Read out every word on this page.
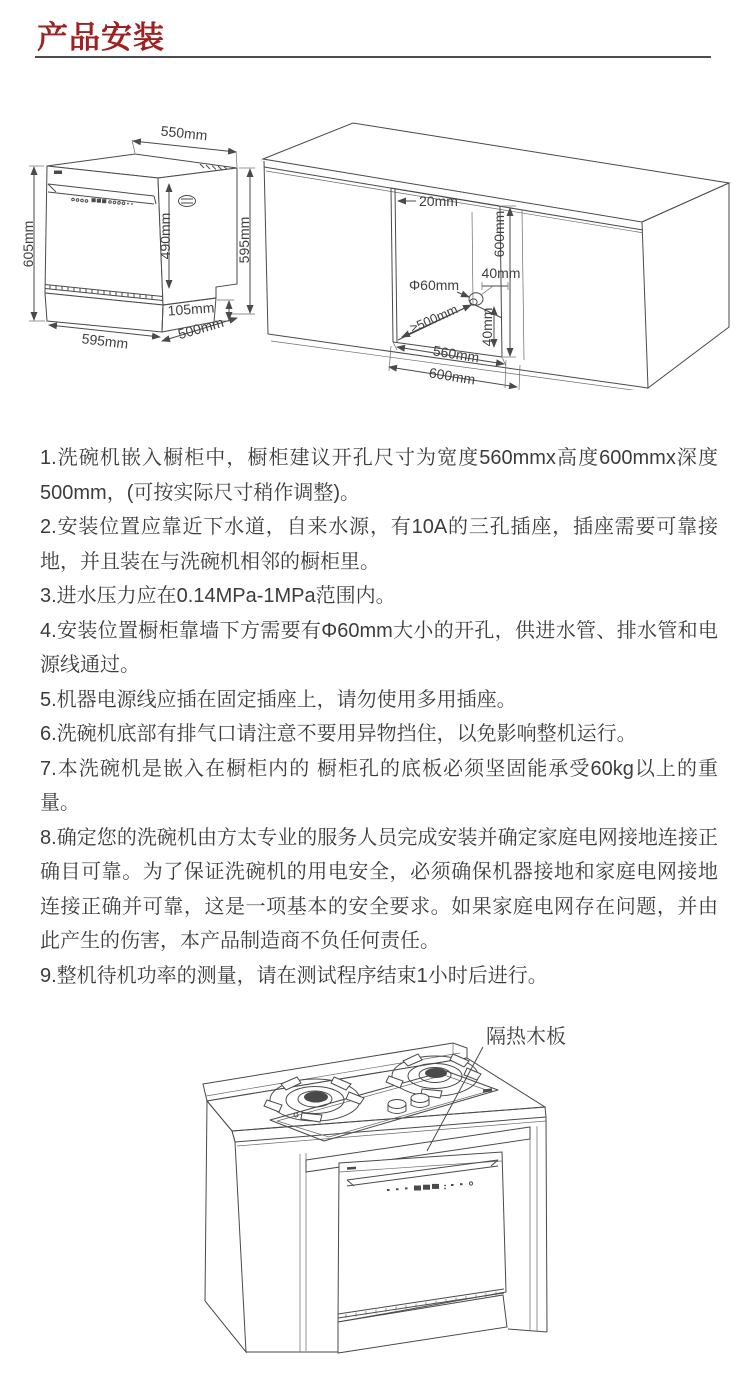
产品安装
605mm
550mm
595mm
490mm
105mm
595mm	500mm
20mm
600mm
40mm
Φ60mm
≥500mm 40mm
560mm
600mm

1.洗碗机嵌入橱柜中，橱柜建议开孔尺寸为宽度560mmx高度600mmx深度500mm，(可按实际尺寸稍作调整)。

2.安装位置应靠近下水道，自来水源，有10A的三孔插座，插座需要可靠接地，并且装在与洗碗机相邻的橱柜里。

3.进水压力应在0.14MPa-1MPa范围内。

4.安装位置橱柜靠墙下方需要有Φ60mm大小的开孔，供进水管、排水管和电源线通过。

5.机器电源线应插在固定插座上，请勿使用多用插座。

6.洗碗机底部有排气口请注意不要用异物挡住，以免影响整机运行。

7.本洗碗机是嵌入在橱柜内的 橱柜孔的底板必须坚固能承受60kg以上的重量。

8.确定您的洗碗机由方太专业的服务人员完成安装并确定家庭电网接地连接正确目可靠。为了保证洗碗机的用电安全，必须确保机器接地和家庭电网接地连接正确并可靠，这是一项基本的安全要求。如果家庭电网存在问题，并由此产生的伤害，本产品制造商不负任何责任。

9.整机待机功率的测量，请在测试程序结束1小时后进行。

隔热木板
